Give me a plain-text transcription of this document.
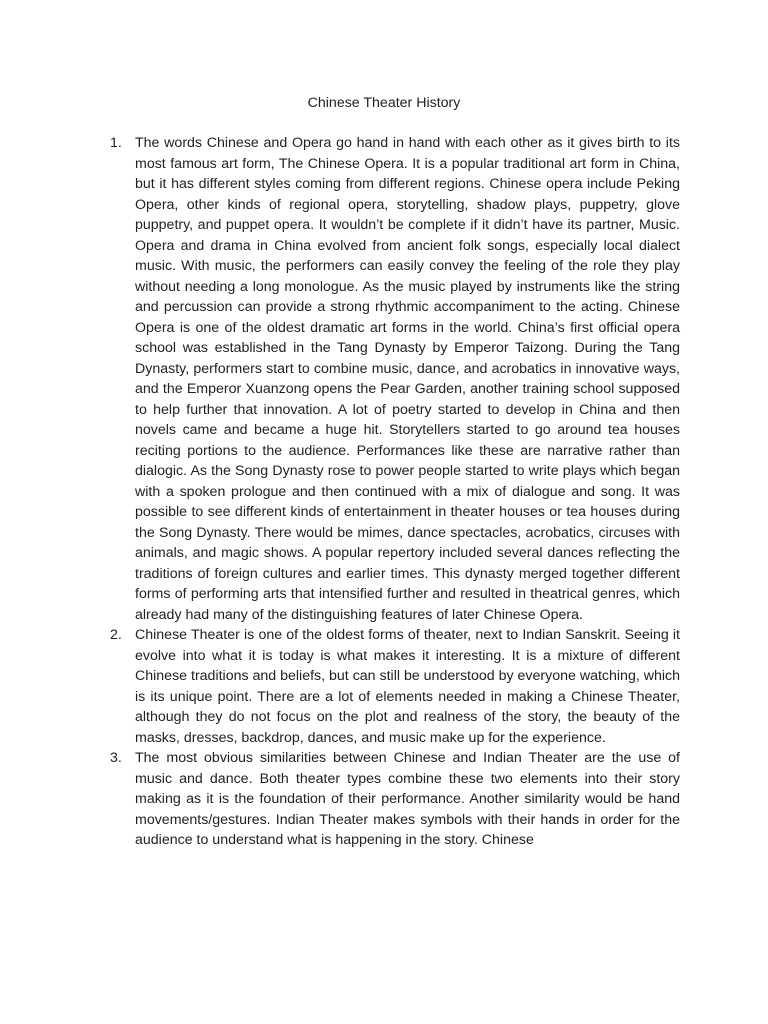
Chinese Theater History
1. The words Chinese and Opera go hand in hand with each other as it gives birth to its most famous art form, The Chinese Opera. It is a popular traditional art form in China, but it has different styles coming from different regions. Chinese opera include Peking Opera, other kinds of regional opera, storytelling, shadow plays, puppetry, glove puppetry, and puppet opera. It wouldn’t be complete if it didn’t have its partner, Music. Opera and drama in China evolved from ancient folk songs, especially local dialect music. With music, the performers can easily convey the feeling of the role they play without needing a long monologue. As the music played by instruments like the string and percussion can provide a strong rhythmic accompaniment to the acting. Chinese Opera is one of the oldest dramatic art forms in the world. China’s first official opera school was established in the Tang Dynasty by Emperor Taizong. During the Tang Dynasty, performers start to combine music, dance, and acrobatics in innovative ways, and the Emperor Xuanzong opens the Pear Garden, another training school supposed to help further that innovation. A lot of poetry started to develop in China and then novels came and became a huge hit. Storytellers started to go around tea houses reciting portions to the audience. Performances like these are narrative rather than dialogic. As the Song Dynasty rose to power people started to write plays which began with a spoken prologue and then continued with a mix of dialogue and song. It was possible to see different kinds of entertainment in theater houses or tea houses during the Song Dynasty. There would be mimes, dance spectacles, acrobatics, circuses with animals, and magic shows. A popular repertory included several dances reflecting the traditions of foreign cultures and earlier times. This dynasty merged together different forms of performing arts that intensified further and resulted in theatrical genres, which already had many of the distinguishing features of later Chinese Opera.
2. Chinese Theater is one of the oldest forms of theater, next to Indian Sanskrit. Seeing it evolve into what it is today is what makes it interesting. It is a mixture of different Chinese traditions and beliefs, but can still be understood by everyone watching, which is its unique point. There are a lot of elements needed in making a Chinese Theater, although they do not focus on the plot and realness of the story, the beauty of the masks, dresses, backdrop, dances, and music make up for the experience.
3. The most obvious similarities between Chinese and Indian Theater are the use of music and dance. Both theater types combine these two elements into their story making as it is the foundation of their performance. Another similarity would be hand movements/gestures. Indian Theater makes symbols with their hands in order for the audience to understand what is happening in the story. Chinese
